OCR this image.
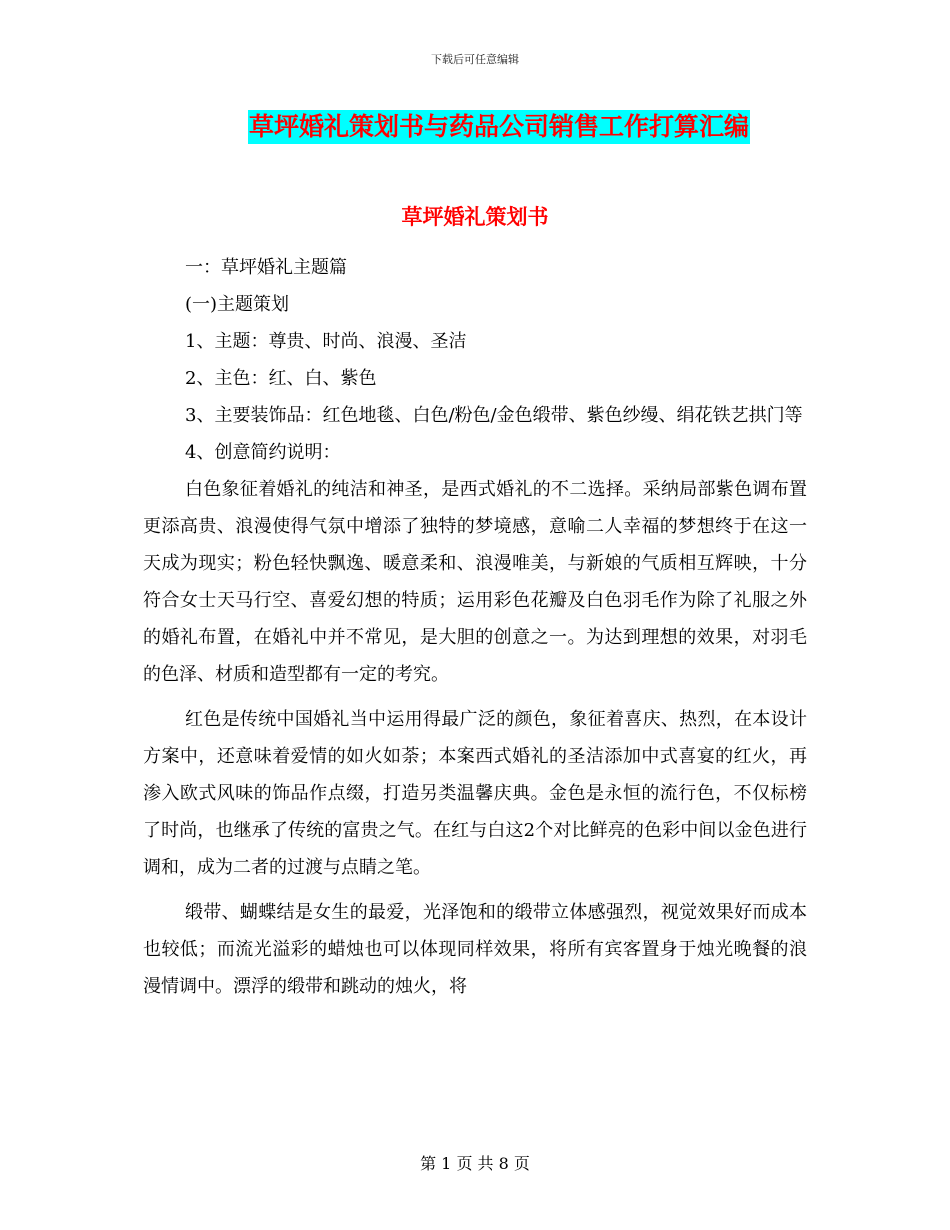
下载后可任意编辑
草坪婚礼策划书与药品公司销售工作打算汇编
草坪婚礼策划书

一：草坪婚礼主题篇

(一)主题策划

1、主题：尊贵、时尚、浪漫、圣洁

2、主色：红、白、紫色

3、主要装饰品：红色地毯、白色/粉色/金色缎带、紫色纱缦、绢花铁艺拱门等

4、创意简约说明：

白色象征着婚礼的纯洁和神圣，是西式婚礼的不二选择。采纳局部紫色调布置更添高贵、浪漫使得气氛中增添了独特的梦境感，意喻二人幸福的梦想终于在这一天成为现实；粉色轻快飘逸、暖意柔和、浪漫唯美，与新娘的气质相互辉映，十分符合女士天马行空、喜爱幻想的特质；运用彩色花瓣及白色羽毛作为除了礼服之外的婚礼布置，在婚礼中并不常见，是大胆的创意之一。为达到理想的效果，对羽毛的色泽、材质和造型都有一定的考究。

红色是传统中国婚礼当中运用得最广泛的颜色，象征着喜庆、热烈，在本设计方案中，还意味着爱情的如火如荼；本案西式婚礼的圣洁添加中式喜宴的红火，再渗入欧式风味的饰品作点缀，打造另类温馨庆典。金色是永恒的流行色，不仅标榜了时尚，也继承了传统的富贵之气。在红与白这2个对比鲜亮的色彩中间以金色进行调和，成为二者的过渡与点睛之笔。

缎带、蝴蝶结是女生的最爱，光泽饱和的缎带立体感强烈，视觉效果好而成本也较低；而流光溢彩的蜡烛也可以体现同样效果，将所有宾客置身于烛光晚餐的浪漫情调中。漂浮的缎带和跳动的烛火，将

第 1 页 共 8 页
